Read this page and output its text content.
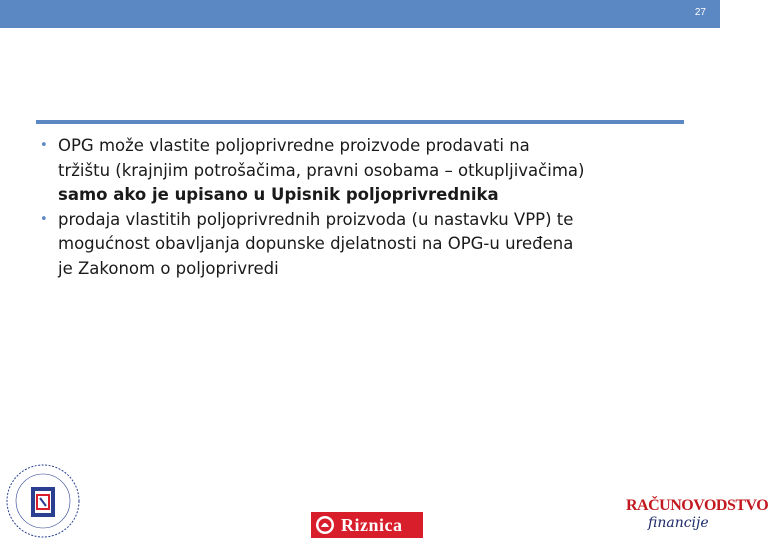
27

• OPG može vlastite poljoprivredne proizvode prodavati na
tržištu (krajnjim potrošačima, pravni osobama – otkupljivačima)
samo ako je upisano u Upisnik poljoprivrednika

• prodaja vlastitih poljoprivrednih proizvoda (u nastavku VPP) te
mogućnost obavljanja dopunske djelatnosti na OPG-u uređena
je Zakonom o poljoprivredi

Riznica
RAČUNOVODSTVO
financije
